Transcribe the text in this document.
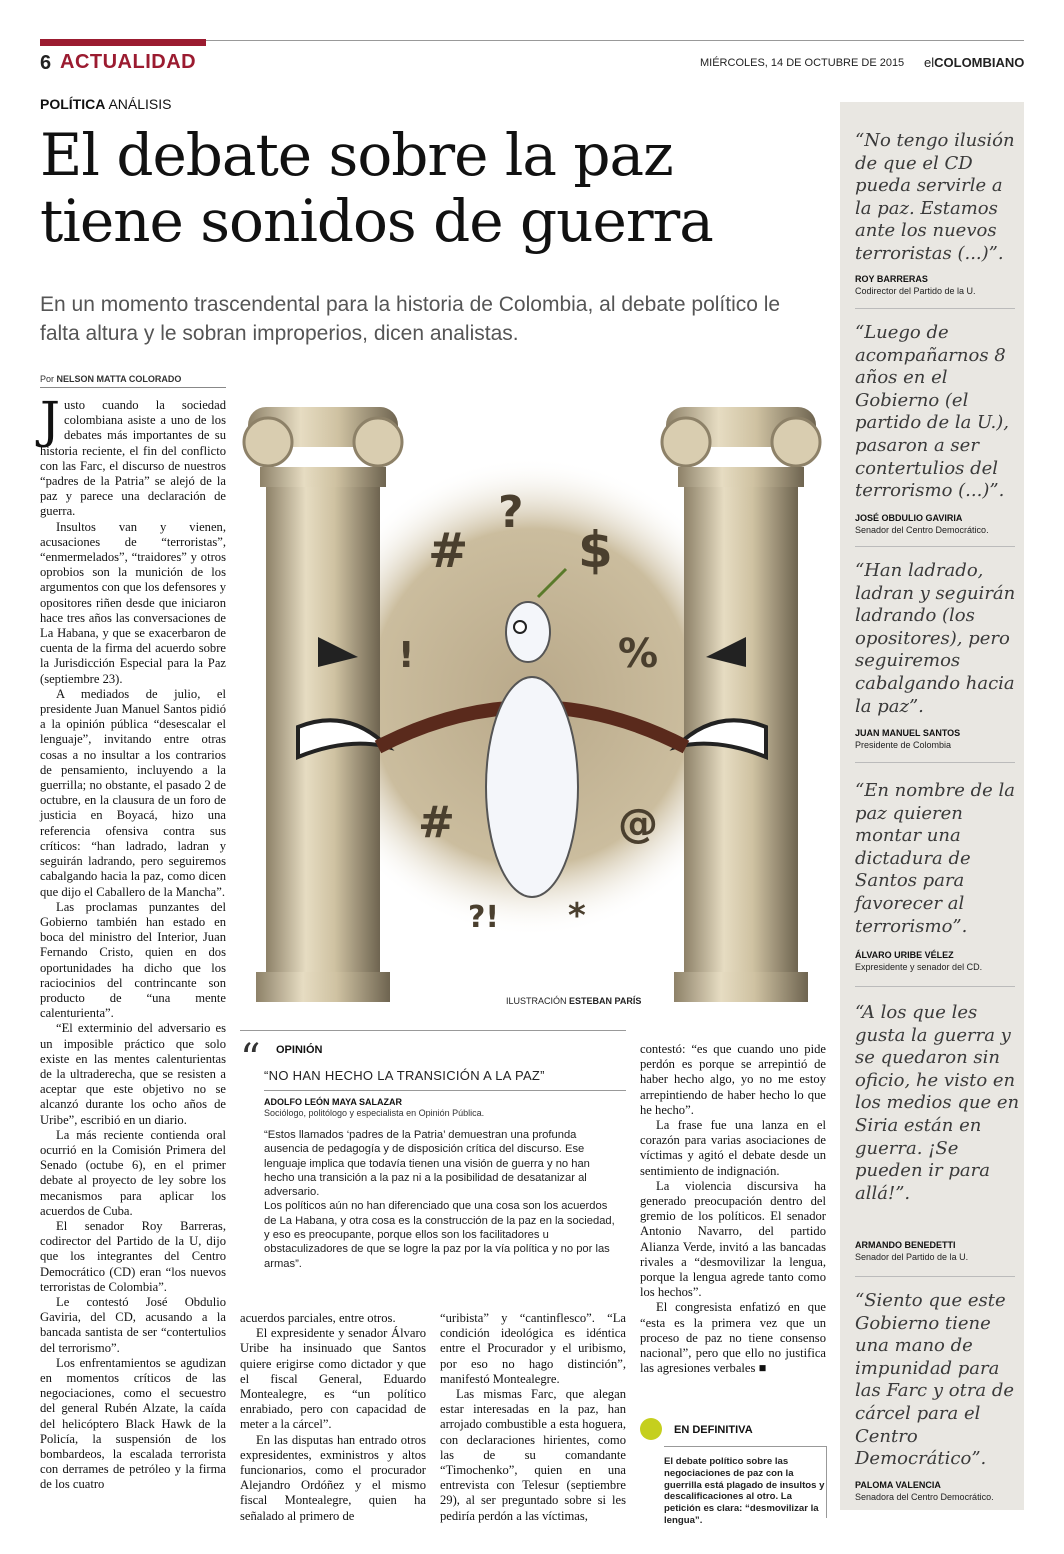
6 ACTUALIDAD	MIÉRCOLES, 14 DE OCTUBRE DE 2015 elCOLOMBIANO
POLÍTICA ANÁLISIS
El debate sobre la paz
tiene sonidos de guerra
En un momento trascendental para la historia de Colombia, al debate político le falta altura y le sobran improperios, dicen analistas.
Por NELSON MATTA COLORADO

Justo cuando la sociedad colombiana asiste a uno de los debates más importantes de su historia reciente, el fin del conflicto con las Farc, el discurso de nuestros “padres de la Patria” se alejó de la paz y parece una declaración de guerra.

Insultos van y vienen, acusaciones de “terroristas”, “enmermelados”, “traidores” y otros oprobios son la munición de los argumentos con que los defensores y opositores riñen desde que iniciaron hace tres años las conversaciones de La Habana, y que se exacerbaron de cuenta de la firma del acuerdo sobre la Jurisdicción Especial para la Paz (septiembre 23).

A mediados de julio, el presidente Juan Manuel Santos pidió a la opinión pública “desescalar el lenguaje”, invitando entre otras cosas a no insultar a los contrarios de pensamiento, incluyendo a la guerrilla; no obstante, el pasado 2 de octubre, en la clausura de un foro de justicia en Boyacá, hizo una referencia ofensiva contra sus críticos: “han ladrado, ladran y seguirán ladrando, pero seguiremos cabalgando hacia la paz, como dicen que dijo el Caballero de la Mancha”.

Las proclamas punzantes del Gobierno también han estado en boca del ministro del Interior, Juan Fernando Cristo, quien en dos oportunidades ha dicho que los raciocinios del contrincante son producto de “una mente calenturienta”.

“El exterminio del adversario es un imposible práctico que solo existe en las mentes calenturientas de la ultraderecha, que se resisten a aceptar que este objetivo no se alcanzó durante los ocho años de Uribe”, escribió en un diario.

La más reciente contienda oral ocurrió en la Comisión Primera del Senado (octube 6), en el primer debate al proyecto de ley sobre los mecanismos para aplicar los acuerdos de Cuba.

El senador Roy Barreras, codirector del Partido de la U, dijo que los integrantes del Centro Democrático (CD) eran “los nuevos terroristas de Colombia”.

Le contestó José Obdulio Gaviria, del CD, acusando a la bancada santista de ser “contertulios del terrorismo”.

Los enfrentamientos se agudizan en momentos críticos de las negociaciones, como el secuestro del general Rubén Alzate, la caída del helicóptero Black Hawk de la Policía, la suspensión de los bombardeos, la escalada terrorista con derrames de petróleo y la firma de los cuatro

#
?
$
!	%
#	@
?! *
ILUSTRACIÓN ESTEBAN PARÍS
“ OPINIÓN
“NO HAN HECHO LA TRANSICIÓN A LA PAZ”
ADOLFO LEÓN MAYA SALAZAR
Sociólogo, politólogo y especialista en Opinión Pública.
“Estos llamados ‘padres de la Patria’ demuestran una profunda ausencia de pedagogía y de disposición crítica del discurso. Ese lenguaje implica que todavía tienen una visión de guerra y no han hecho una transición a la paz ni a la posibilidad de desatanizar al adversario.
Los políticos aún no han diferenciado que una cosa son los acuerdos de La Habana, y otra cosa es la construcción de la paz en la sociedad, y eso es preocupante, porque ellos son los facilitadores u obstaculizadores de que se logre la paz por la vía política y no por las armas”.

acuerdos parciales, entre otros.

El expresidente y senador Álvaro Uribe ha insinuado que Santos quiere erigirse como dictador y que el fiscal General, Eduardo Montealegre, es “un político enrabiado, pero con capacidad de meter a la cárcel”.

En las disputas han entrado otros expresidentes, exministros y altos funcionarios, como el procurador Alejandro Ordóñez y el mismo fiscal Montealegre, quien ha señalado al primero de

“uribista” y “cantinflesco”. “La condición ideológica es idéntica entre el Procurador y el uribismo, por eso no hago distinción”, manifestó Montealegre.

Las mismas Farc, que alegan estar interesadas en la paz, han arrojado combustible a esta hoguera, con declaraciones hirientes, como las de su comandante “Timochenko”, quien en una entrevista con Telesur (septiembre 29), al ser preguntado sobre si les pediría perdón a las víctimas,

contestó: “es que cuando uno pide perdón es porque se arrepintió de haber hecho algo, yo no me estoy arrepintiendo de haber hecho lo que he hecho”.

La frase fue una lanza en el corazón para varias asociaciones de víctimas y agitó el debate desde un sentimiento de indignación.

La violencia discursiva ha generado preocupación dentro del gremio de los políticos. El senador Antonio Navarro, del partido Alianza Verde, invitó a las bancadas rivales a “desmovilizar la lengua, porque la lengua agrede tanto como los hechos”.

El congresista enfatizó en que “esta es la primera vez que un proceso de paz no tiene consenso nacional”, pero que ello no justifica las agresiones verbales ■

EN DEFINITIVA
El debate político sobre las negociaciones de paz con la guerrilla está plagado de insultos y descalificaciones al otro. La petición es clara: “desmovilizar la lengua”.
“No tengo ilusión de que el CD pueda servirle a la paz. Estamos ante los nuevos terroristas (...)”.
ROY BARRERAS
Codirector del Partido de la U.
“Luego de acompañarnos 8 años en el Gobierno (el partido de la U.), pasaron a ser contertulios del terrorismo (...)”.
JOSÉ OBDULIO GAVIRIA
Senador del Centro Democrático.
“Han ladrado, ladran y seguirán ladrando (los opositores), pero seguiremos cabalgando hacia la paz”.
JUAN MANUEL SANTOS
Presidente de Colombia
“En nombre de la paz quieren montar una dictadura de Santos para favorecer al terrorismo”.
ÁLVARO URIBE VÉLEZ
Expresidente y senador del CD.
“A los que les gusta la guerra y se quedaron sin oficio, he visto en los medios que en Siria están en guerra. ¡Se pueden ir para allá!”.
ARMANDO BENEDETTI
Senador del Partido de la U.
“Siento que este Gobierno tiene una mano de impunidad para las Farc y otra de cárcel para el Centro Democrático”.
PALOMA VALENCIA
Senadora del Centro Democrático.
